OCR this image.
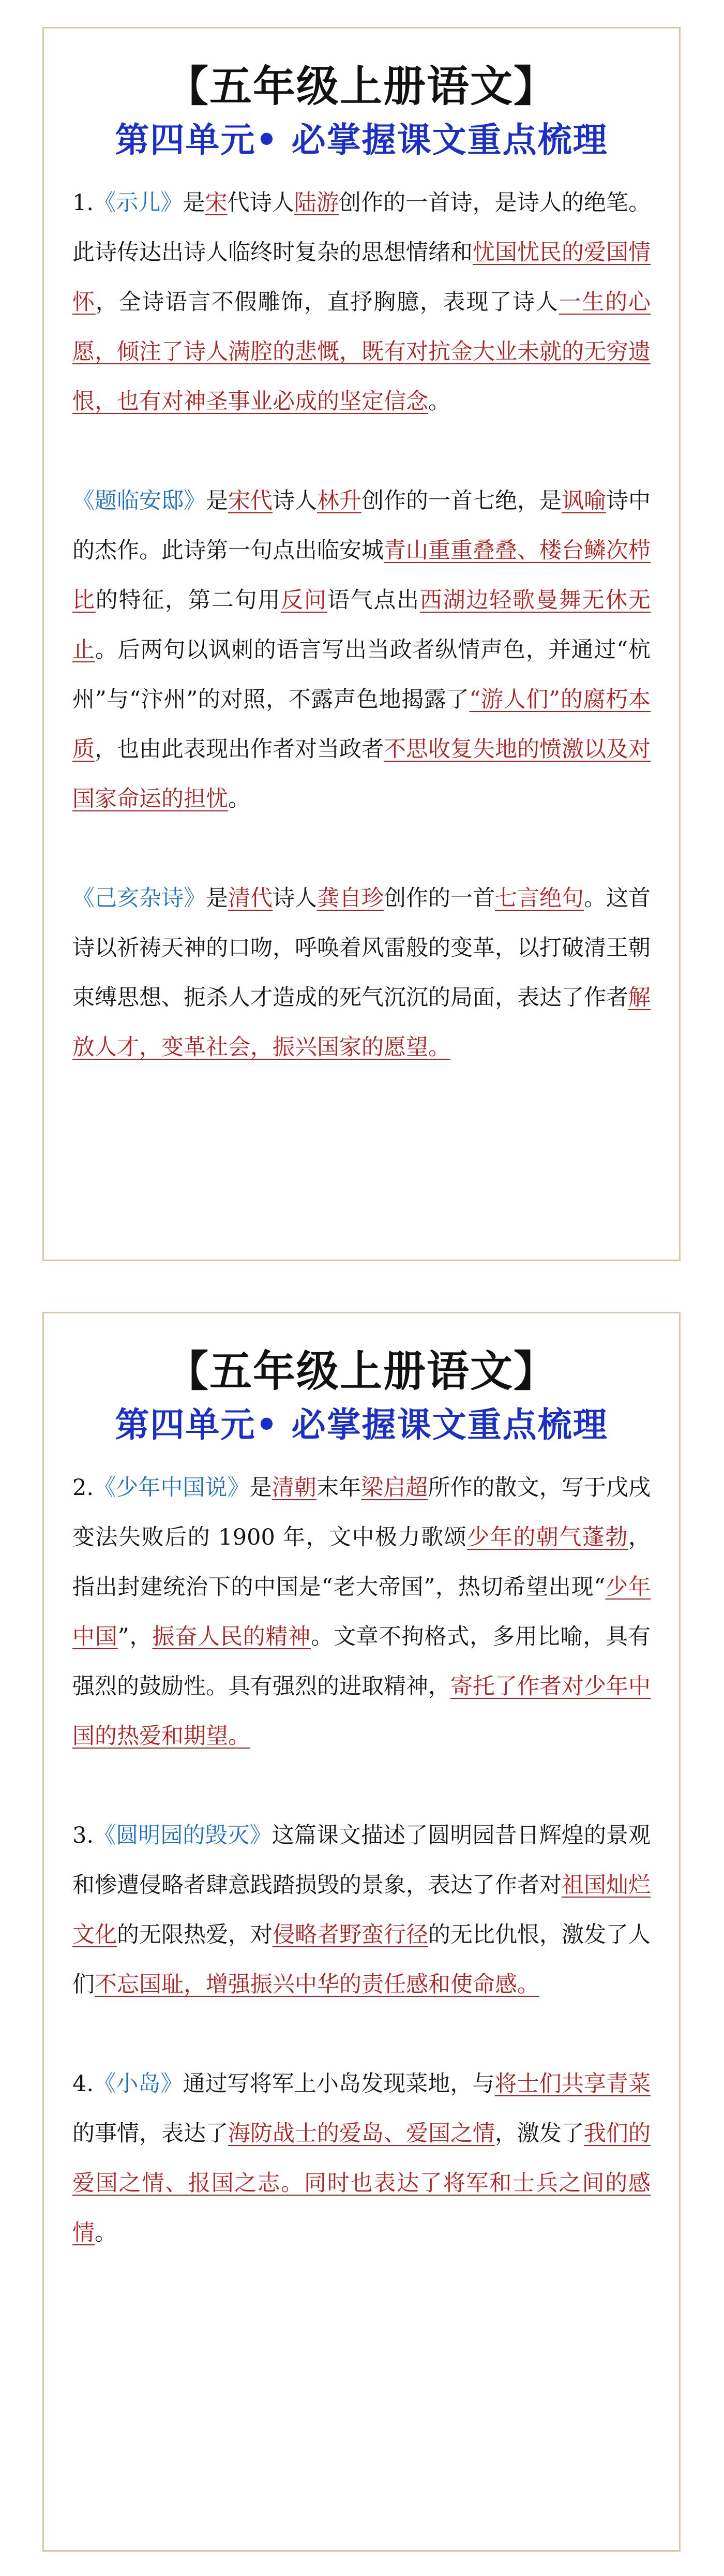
【五年级上册语文】
第四单元• 必掌握课文重点梳理

1.《示儿》是宋代诗人陆游创作的一首诗，是诗人的绝笔。此诗传达出诗人临终时复杂的思想情绪和忧国忧民的爱国情怀，全诗语言不假雕饰，直抒胸臆，表现了诗人一生的心愿，倾注了诗人满腔的悲慨，既有对抗金大业未就的无穷遗恨，也有对神圣事业必成的坚定信念。

《题临安邸》是宋代诗人林升创作的一首七绝，是讽喻诗中的杰作。此诗第一句点出临安城青山重重叠叠、楼台鳞次栉比的特征，第二句用反问语气点出西湖边轻歌曼舞无休无止。后两句以讽刺的语言写出当政者纵情声色，并通过“杭州”与“汴州”的对照，不露声色地揭露了“游人们”的腐朽本质，也由此表现出作者对当政者不思收复失地的愤激以及对国家命运的担忧。

《己亥杂诗》是清代诗人龚自珍创作的一首七言绝句。这首诗以祈祷天神的口吻，呼唤着风雷般的变革，以打破清王朝束缚思想、扼杀人才造成的死气沉沉的局面，表达了作者解放人才，变革社会，振兴国家的愿望。

【五年级上册语文】
第四单元• 必掌握课文重点梳理

2.《少年中国说》是清朝末年梁启超所作的散文，写于戊戌变法失败后的 1900 年，文中极力歌颂少年的朝气蓬勃，指出封建统治下的中国是“老大帝国”，热切希望出现“少年中国”，振奋人民的精神。文章不拘格式，多用比喻，具有强烈的鼓励性。具有强烈的进取精神，寄托了作者对少年中国的热爱和期望。

3.《圆明园的毁灭》这篇课文描述了圆明园昔日辉煌的景观和惨遭侵略者肆意践踏损毁的景象，表达了作者对祖国灿烂文化的无限热爱，对侵略者野蛮行径的无比仇恨，激发了人们不忘国耻，增强振兴中华的责任感和使命感。

4.《小岛》通过写将军上小岛发现菜地，与将士们共享青菜的事情，表达了海防战士的爱岛、爱国之情，激发了我们的爱国之情、报国之志。同时也表达了将军和士兵之间的感情。
